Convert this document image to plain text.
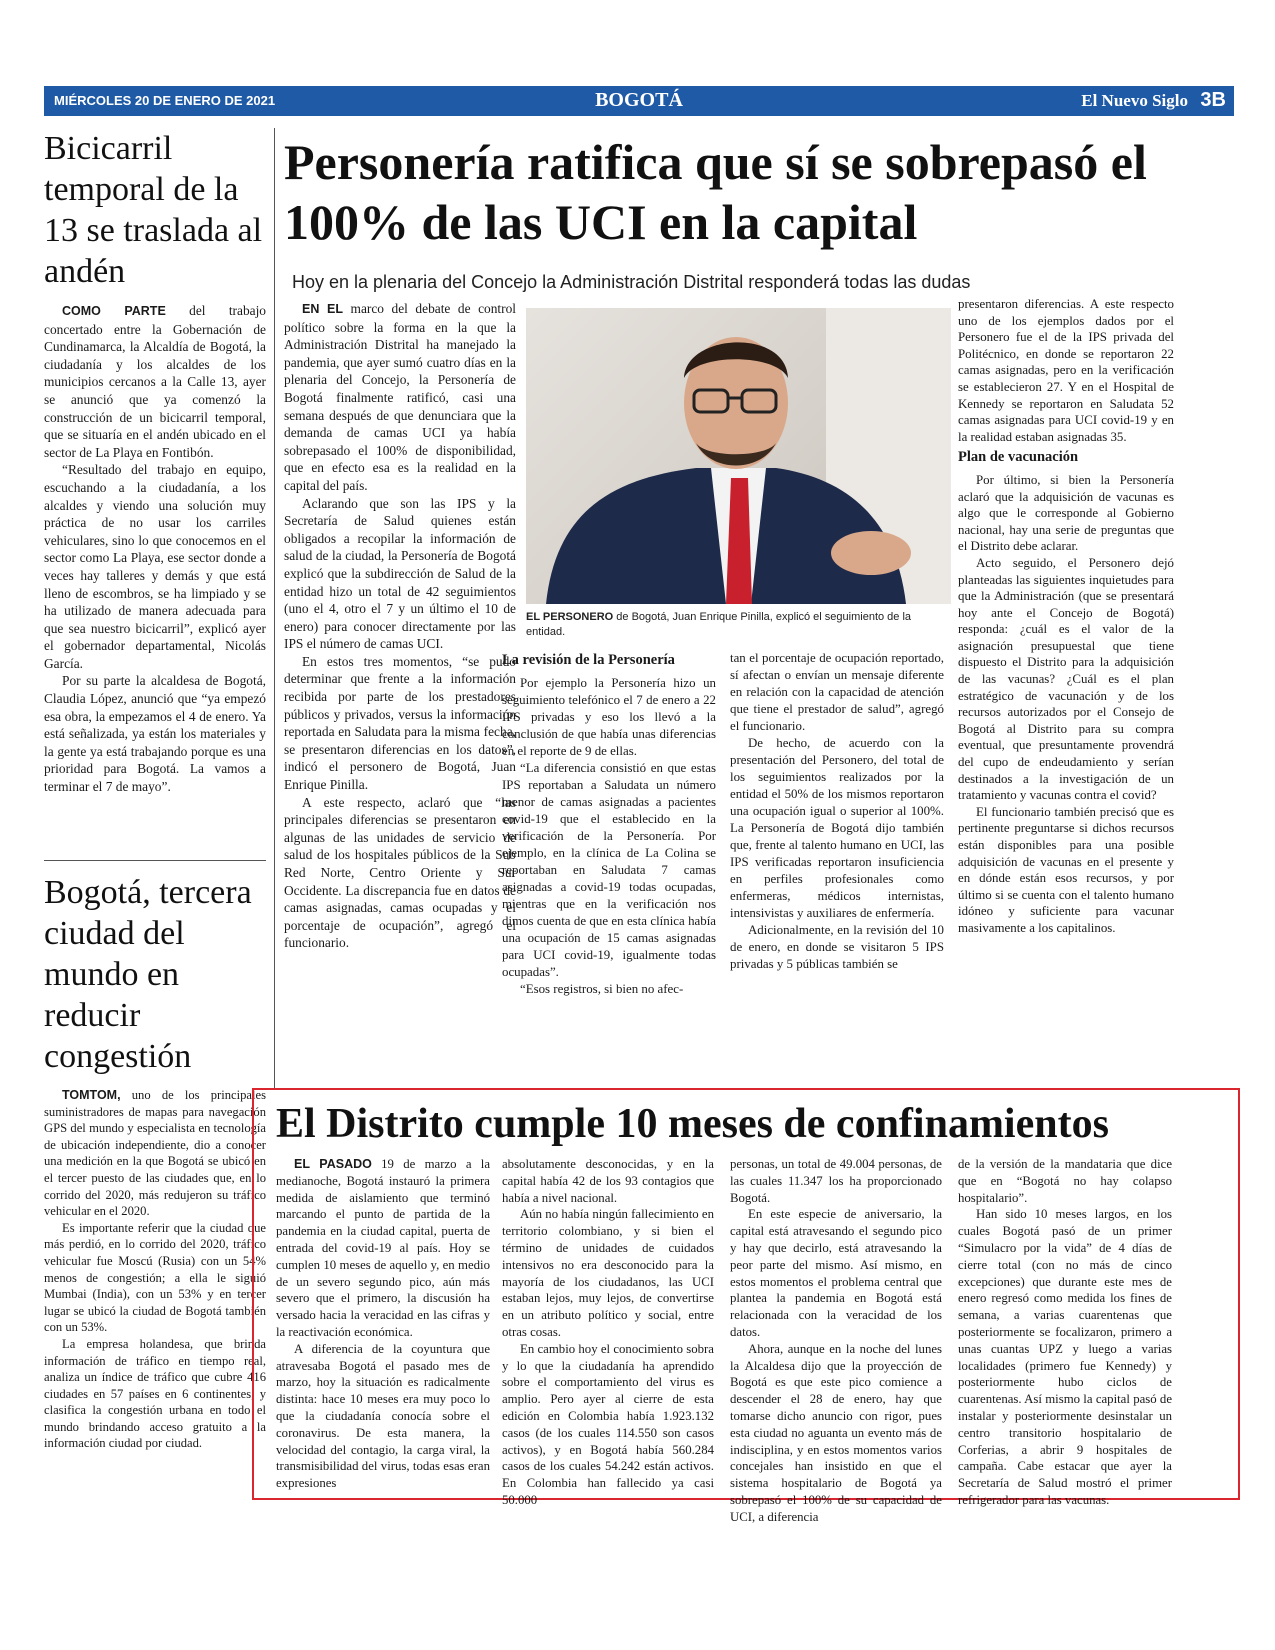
MIÉRCOLES 20 DE ENERO DE 2021	BOGOTÁ	El Nuevo Siglo 3B
Bicicarril temporal de la 13 se traslada al andén

COMO PARTE del trabajo concertado entre la Gobernación de Cundinamarca, la Alcaldía de Bogotá, la ciudadanía y los alcaldes de los municipios cercanos a la Calle 13, ayer se anunció que ya comenzó la construcción de un bicicarril temporal, que se situaría en el andén ubicado en el sector de La Playa en Fontibón.

“Resultado del trabajo en equipo, escuchando a la ciudadanía, a los alcaldes y viendo una solución muy práctica de no usar los carriles vehiculares, sino lo que conocemos en el sector como La Playa, ese sector donde a veces hay talleres y demás y que está lleno de escombros, se ha limpiado y se ha utilizado de manera adecuada para que sea nuestro bicicarril”, explicó ayer el gobernador departamental, Nicolás García.

Por su parte la alcaldesa de Bogotá, Claudia López, anunció que “ya empezó esa obra, la empezamos el 4 de enero. Ya está señalizada, ya están los materiales y la gente ya está trabajando porque es una prioridad para Bogotá. La vamos a terminar el 7 de mayo”.

Bogotá, tercera ciudad del mundo en reducir congestión

TOMTOM, uno de los principales suministradores de mapas para navegación GPS del mundo y especialista en tecnología de ubicación independiente, dio a conocer una medición en la que Bogotá se ubicó en el tercer puesto de las ciudades que, en lo corrido del 2020, más redujeron su tráfico vehicular en el 2020.

Es importante referir que la ciudad que más perdió, en lo corrido del 2020, tráfico vehicular fue Moscú (Rusia) con un 54% menos de congestión; a ella le siguió Mumbai (India), con un 53% y en tercer lugar se ubicó la ciudad de Bogotá también con un 53%.

La empresa holandesa, que brinda información de tráfico en tiempo real, analiza un índice de tráfico que cubre 416 ciudades en 57 países en 6 continentes, y clasifica la congestión urbana en todo el mundo brindando acceso gratuito a la información ciudad por ciudad.

Personería ratifica que sí se sobrepasó el 100% de las UCI en la capital
Hoy en la plenaria del Concejo la Administración Distrital responderá todas las dudas

EN EL marco del debate de control político sobre la forma en la que la Administración Distrital ha manejado la pandemia, que ayer sumó cuatro días en la plenaria del Concejo, la Personería de Bogotá finalmente ratificó, casi una semana después de que denunciara que la demanda de camas UCI ya había sobrepasado el 100% de disponibilidad, que en efecto esa es la realidad en la capital del país.

Aclarando que son las IPS y la Secretaría de Salud quienes están obligados a recopilar la información de salud de la ciudad, la Personería de Bogotá explicó que la subdirección de Salud de la entidad hizo un total de 42 seguimientos (uno el 4, otro el 7 y un último el 10 de enero) para conocer directamente por las IPS el número de camas UCI.

En estos tres momentos, “se pudo determinar que frente a la información recibida por parte de los prestadores públicos y privados, versus la información reportada en Saludata para la misma fecha, se presentaron diferencias en los datos”, indicó el personero de Bogotá, Juan Enrique Pinilla.

A este respecto, aclaró que “las principales diferencias se presentaron en algunas de las unidades de servicio de salud de los hospitales públicos de la Sub Red Norte, Centro Oriente y Sur Occidente. La discrepancia fue en datos de camas asignadas, camas ocupadas y el porcentaje de ocupación”, agregó el funcionario.

EL PERSONERO de Bogotá, Juan Enrique Pinilla, explicó el seguimiento de la entidad.
La revisión de la Personería

Por ejemplo la Personería hizo un seguimiento telefónico el 7 de enero a 22 IPS privadas y eso los llevó a la conclusión de que había unas diferencias en el reporte de 9 de ellas.

“La diferencia consistió en que estas IPS reportaban a Saludata un número menor de camas asignadas a pacientes covid-19 que el establecido en la verificación de la Personería. Por ejemplo, en la clínica de La Colina se reportaban en Saludata 7 camas asignadas a covid-19 todas ocupadas, mientras que en la verificación nos dimos cuenta de que en esta clínica había una ocupación de 15 camas asignadas para UCI covid-19, igualmente todas ocupadas”.

“Esos registros, si bien no afec-

tan el porcentaje de ocupación reportado, sí afectan o envían un mensaje diferente en relación con la capacidad de atención que tiene el prestador de salud”, agregó el funcionario.

De hecho, de acuerdo con la presentación del Personero, del total de los seguimientos realizados por la entidad el 50% de los mismos reportaron una ocupación igual o superior al 100%. La Personería de Bogotá dijo también que, frente al talento humano en UCI, las IPS verificadas reportaron insuficiencia en perfiles profesionales como enfermeras, médicos internistas, intensivistas y auxiliares de enfermería.

Adicionalmente, en la revisión del 10 de enero, en donde se visitaron 5 IPS privadas y 5 públicas también se

presentaron diferencias. A este respecto uno de los ejemplos dados por el Personero fue el de la IPS privada del Politécnico, en donde se reportaron 22 camas asignadas, pero en la verificación se establecieron 27. Y en el Hospital de Kennedy se reportaron en Saludata 52 camas asignadas para UCI covid-19 y en la realidad estaban asignadas 35.

Plan de vacunación

Por último, si bien la Personería aclaró que la adquisición de vacunas es algo que le corresponde al Gobierno nacional, hay una serie de preguntas que el Distrito debe aclarar.

Acto seguido, el Personero dejó planteadas las siguientes inquietudes para que la Administración (que se presentará hoy ante el Concejo de Bogotá) responda: ¿cuál es el valor de la asignación presupuestal que tiene dispuesto el Distrito para la adquisición de las vacunas? ¿Cuál es el plan estratégico de vacunación y de los recursos autorizados por el Consejo de Bogotá al Distrito para su compra eventual, que presuntamente provendrá del cupo de endeudamiento y serían destinados a la investigación de un tratamiento y vacunas contra el covid?

El funcionario también precisó que es pertinente preguntarse si dichos recursos están disponibles para una posible adquisición de vacunas en el presente y en dónde están esos recursos, y por último si se cuenta con el talento humano idóneo y suficiente para vacunar masivamente a los capitalinos.

El Distrito cumple 10 meses de confinamientos

EL PASADO 19 de marzo a la medianoche, Bogotá instauró la primera medida de aislamiento que terminó marcando el punto de partida de la pandemia en la ciudad capital, puerta de entrada del covid-19 al país. Hoy se cumplen 10 meses de aquello y, en medio de un severo segundo pico, aún más severo que el primero, la discusión ha versado hacia la veracidad en las cifras y la reactivación económica.

A diferencia de la coyuntura que atravesaba Bogotá el pasado mes de marzo, hoy la situación es radicalmente distinta: hace 10 meses era muy poco lo que la ciudadanía conocía sobre el coronavirus. De esta manera, la velocidad del contagio, la carga viral, la transmisibilidad del virus, todas esas eran expresiones

absolutamente desconocidas, y en la capital había 42 de los 93 contagios que había a nivel nacional.

Aún no había ningún fallecimiento en territorio colombiano, y si bien el término de unidades de cuidados intensivos no era desconocido para la mayoría de los ciudadanos, las UCI estaban lejos, muy lejos, de convertirse en un atributo político y social, entre otras cosas.

En cambio hoy el conocimiento sobra y lo que la ciudadanía ha aprendido sobre el comportamiento del virus es amplio. Pero ayer al cierre de esta edición en Colombia había 1.923.132 casos (de los cuales 114.550 son casos activos), y en Bogotá había 560.284 casos de los cuales 54.242 están activos. En Colombia han fallecido ya casi 50.000

personas, un total de 49.004 personas, de las cuales 11.347 los ha proporcionado Bogotá.

En este especie de aniversario, la capital está atravesando el segundo pico y hay que decirlo, está atravesando la peor parte del mismo. Así mismo, en estos momentos el problema central que plantea la pandemia en Bogotá está relacionada con la veracidad de los datos.

Ahora, aunque en la noche del lunes la Alcaldesa dijo que la proyección de Bogotá es que este pico comience a descender el 28 de enero, hay que tomarse dicho anuncio con rigor, pues esta ciudad no aguanta un evento más de indisciplina, y en estos momentos varios concejales han insistido en que el sistema hospitalario de Bogotá ya sobrepasó el 100% de su capacidad de UCI, a diferencia

de la versión de la mandataria que dice que en “Bogotá no hay colapso hospitalario”.

Han sido 10 meses largos, en los cuales Bogotá pasó de un primer “Simulacro por la vida” de 4 días de cierre total (con no más de cinco excepciones) que durante este mes de enero regresó como medida los fines de semana, a varias cuarentenas que posteriormente se focalizaron, primero a unas cuantas UPZ y luego a varias localidades (primero fue Kennedy) y posteriormente hubo ciclos de cuarentenas. Así mismo la capital pasó de instalar y posteriormente desinstalar un centro transitorio hospitalario de Corferias, a abrir 9 hospitales de campaña. Cabe estacar que ayer la Secretaría de Salud mostró el primer refrigerador para las vacunas.
